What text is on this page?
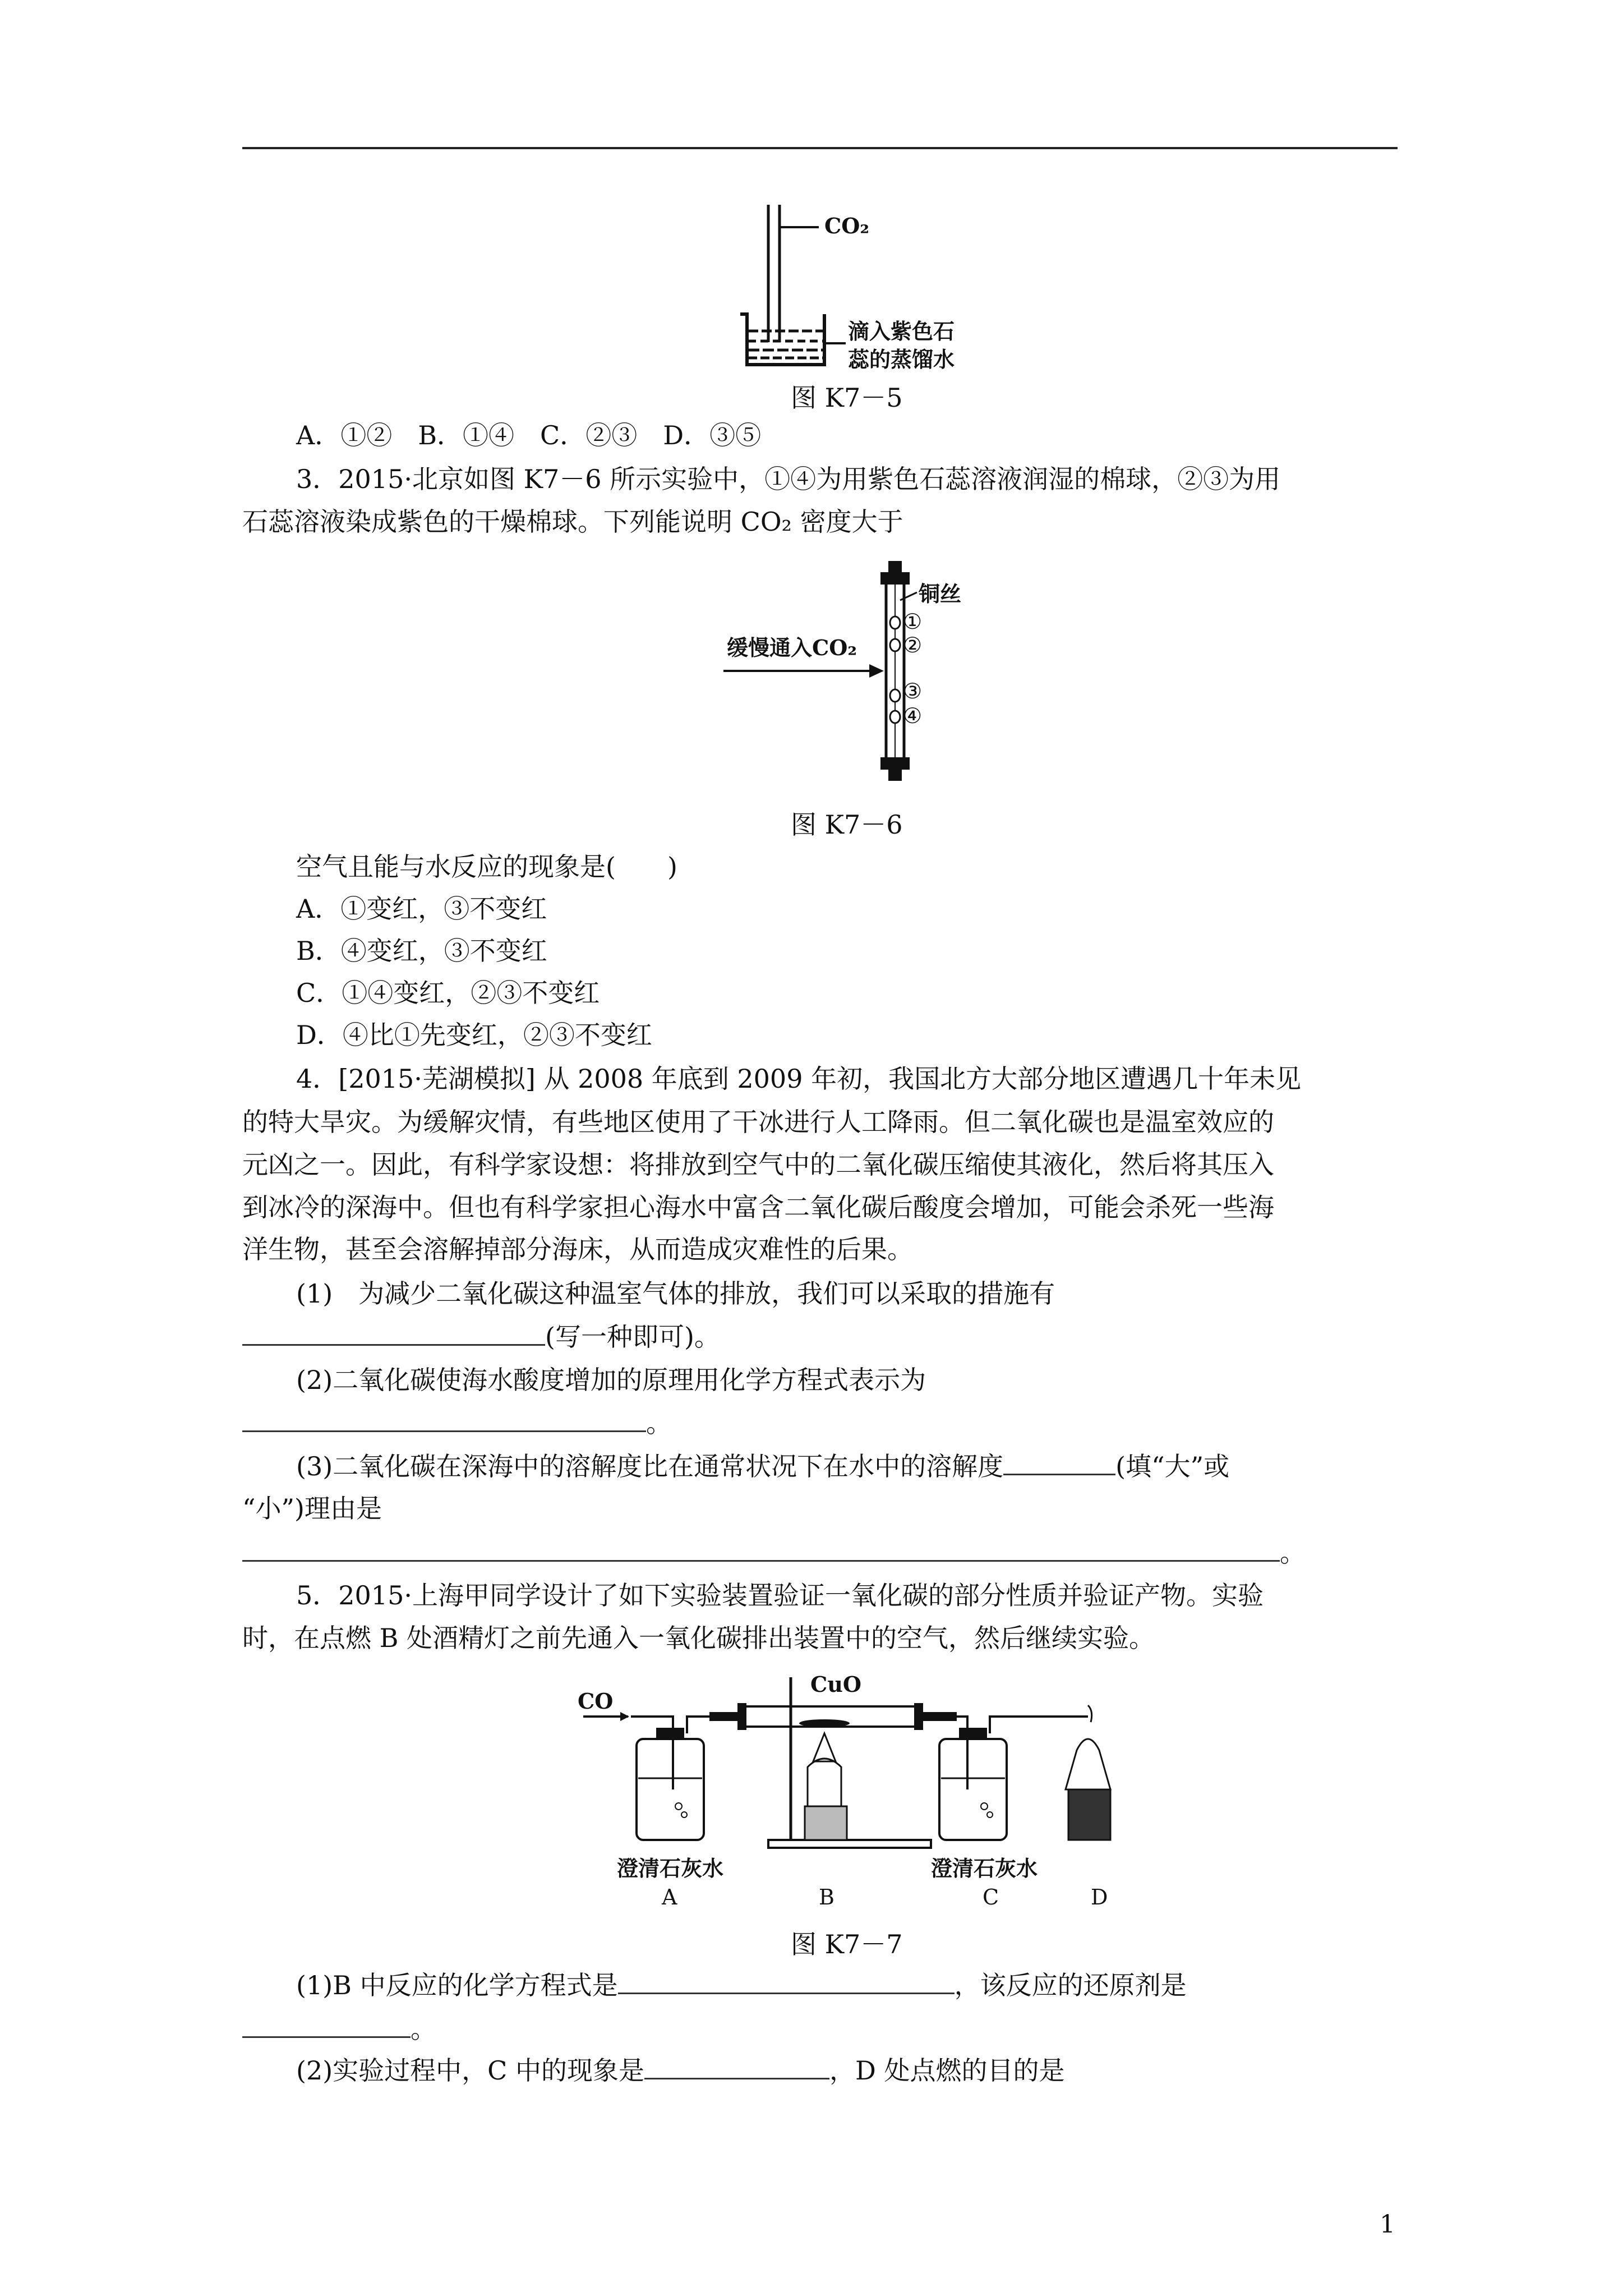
CO₂
滴入紫色石
蕊的蒸馏水
图 K7－5
A．①②　B．①④　C．②③　D．③⑤
3．2015·北京如图 K7－6 所示实验中，①④为用紫色石蕊溶液润湿的棉球，②③为用
石蕊溶液染成紫色的干燥棉球。下列能说明 CO₂ 密度大于
铜丝
①
②
缓慢通入CO₂
③
④
图 K7－6
空气且能与水反应的现象是(　　)
A．①变红，③不变红
B．④变红，③不变红
C．①④变红，②③不变红
D．④比①先变红，②③不变红
4．[2015·芜湖模拟] 从 2008 年底到 2009 年初，我国北方大部分地区遭遇几十年未见
的特大旱灾。为缓解灾情，有些地区使用了干冰进行人工降雨。但二氧化碳也是温室效应的
元凶之一。因此，有科学家设想：将排放到空气中的二氧化碳压缩使其液化，然后将其压入
到冰冷的深海中。但也有科学家担心海水中富含二氧化碳后酸度会增加，可能会杀死一些海
洋生物，甚至会溶解掉部分海床，从而造成灾难性的后果。
(1)　为减少二氧化碳这种温室气体的排放，我们可以采取的措施有
(写一种即可)。
(2)二氧化碳使海水酸度增加的原理用化学方程式表示为
。
(3)二氧化碳在深海中的溶解度比在通常状况下在水中的溶解度	(填“大”或
“小”)理由是
。
5．2015·上海甲同学设计了如下实验装置验证一氧化碳的部分性质并验证产物。实验
时，在点燃 B 处酒精灯之前先通入一氧化碳排出装置中的空气，然后继续实验。
CO
CuO
澄清石灰水	澄清石灰水
A	B	C	D
图 K7－7
(1)B 中反应的化学方程式是	，该反应的还原剂是
。
(2)实验过程中，C 中的现象是	，D 处点燃的目的是
1
